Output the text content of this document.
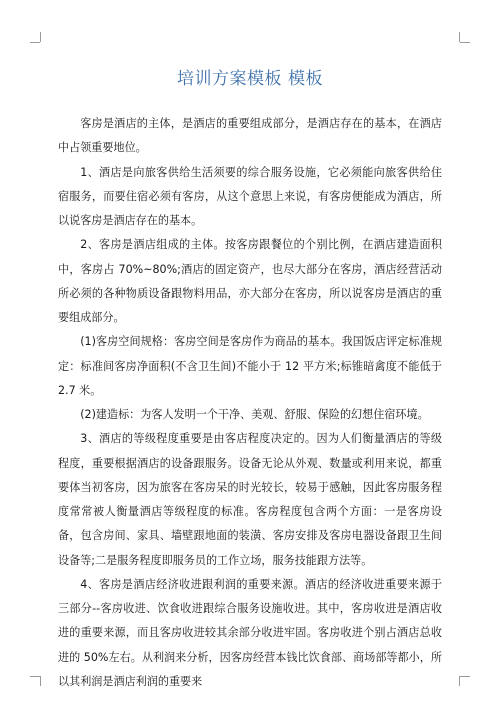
培训方案模板 模板

客房是酒店的主体，是酒店的重要组成部分，是酒店存在的基本，在酒店中占领重要地位。

1、酒店是向旅客供给生活须要的综合服务设施，它必须能向旅客供给住宿服务，而要住宿必须有客房，从这个意思上来说，有客房便能成为酒店，所以说客房是酒店存在的基本。

2、客房是酒店组成的主体。按客房跟餐位的个别比例，在酒店建造面积中，客房占 70%~80%;酒店的固定资产，也尽大部分在客房，酒店经营活动所必须的各种物质设备跟物料用品，亦大部分在客房，所以说客房是酒店的重要组成部分。

(1)客房空间规格：客房空间是客房作为商品的基本。我国饭店评定标准规定：标准间客房净面积(不含卫生间)不能小于 12 平方米;标锥暗禽度不能低于 2.7 米。

(2)建造标：为客人发明一个干净、美观、舒服、保险的幻想住宿环境。

3、酒店的等级程度重要是由客店程度决定的。因为人们衡量酒店的等级程度，重要根据酒店的设备跟服务。设备无论从外观、数量或利用来说，都重要体当初客房，因为旅客在客房呆的时光较长，较易于感触，因此客房服务程度常常被人衡量酒店等级程度的标准。客房程度包含两个方面：一是客房设备，包含房间、家具、墙壁跟地面的装潢、客房安排及客房电器设备跟卫生间设备等;二是服务程度即服务员的工作立场，服务技能跟方法等。

4、客房是酒店经济收进跟利润的重要来源。酒店的经济收进重要来源于三部分--客房收进、饮食收进跟综合服务设施收进。其中，客房收进是酒店收进的重要来源，而且客房收进较其余部分收进牢固。客房收进个别占酒店总收进的 50%左右。从利润来分析，因客房经营本钱比饮食部、商场部等都小，所以其利润是酒店利润的重要来
